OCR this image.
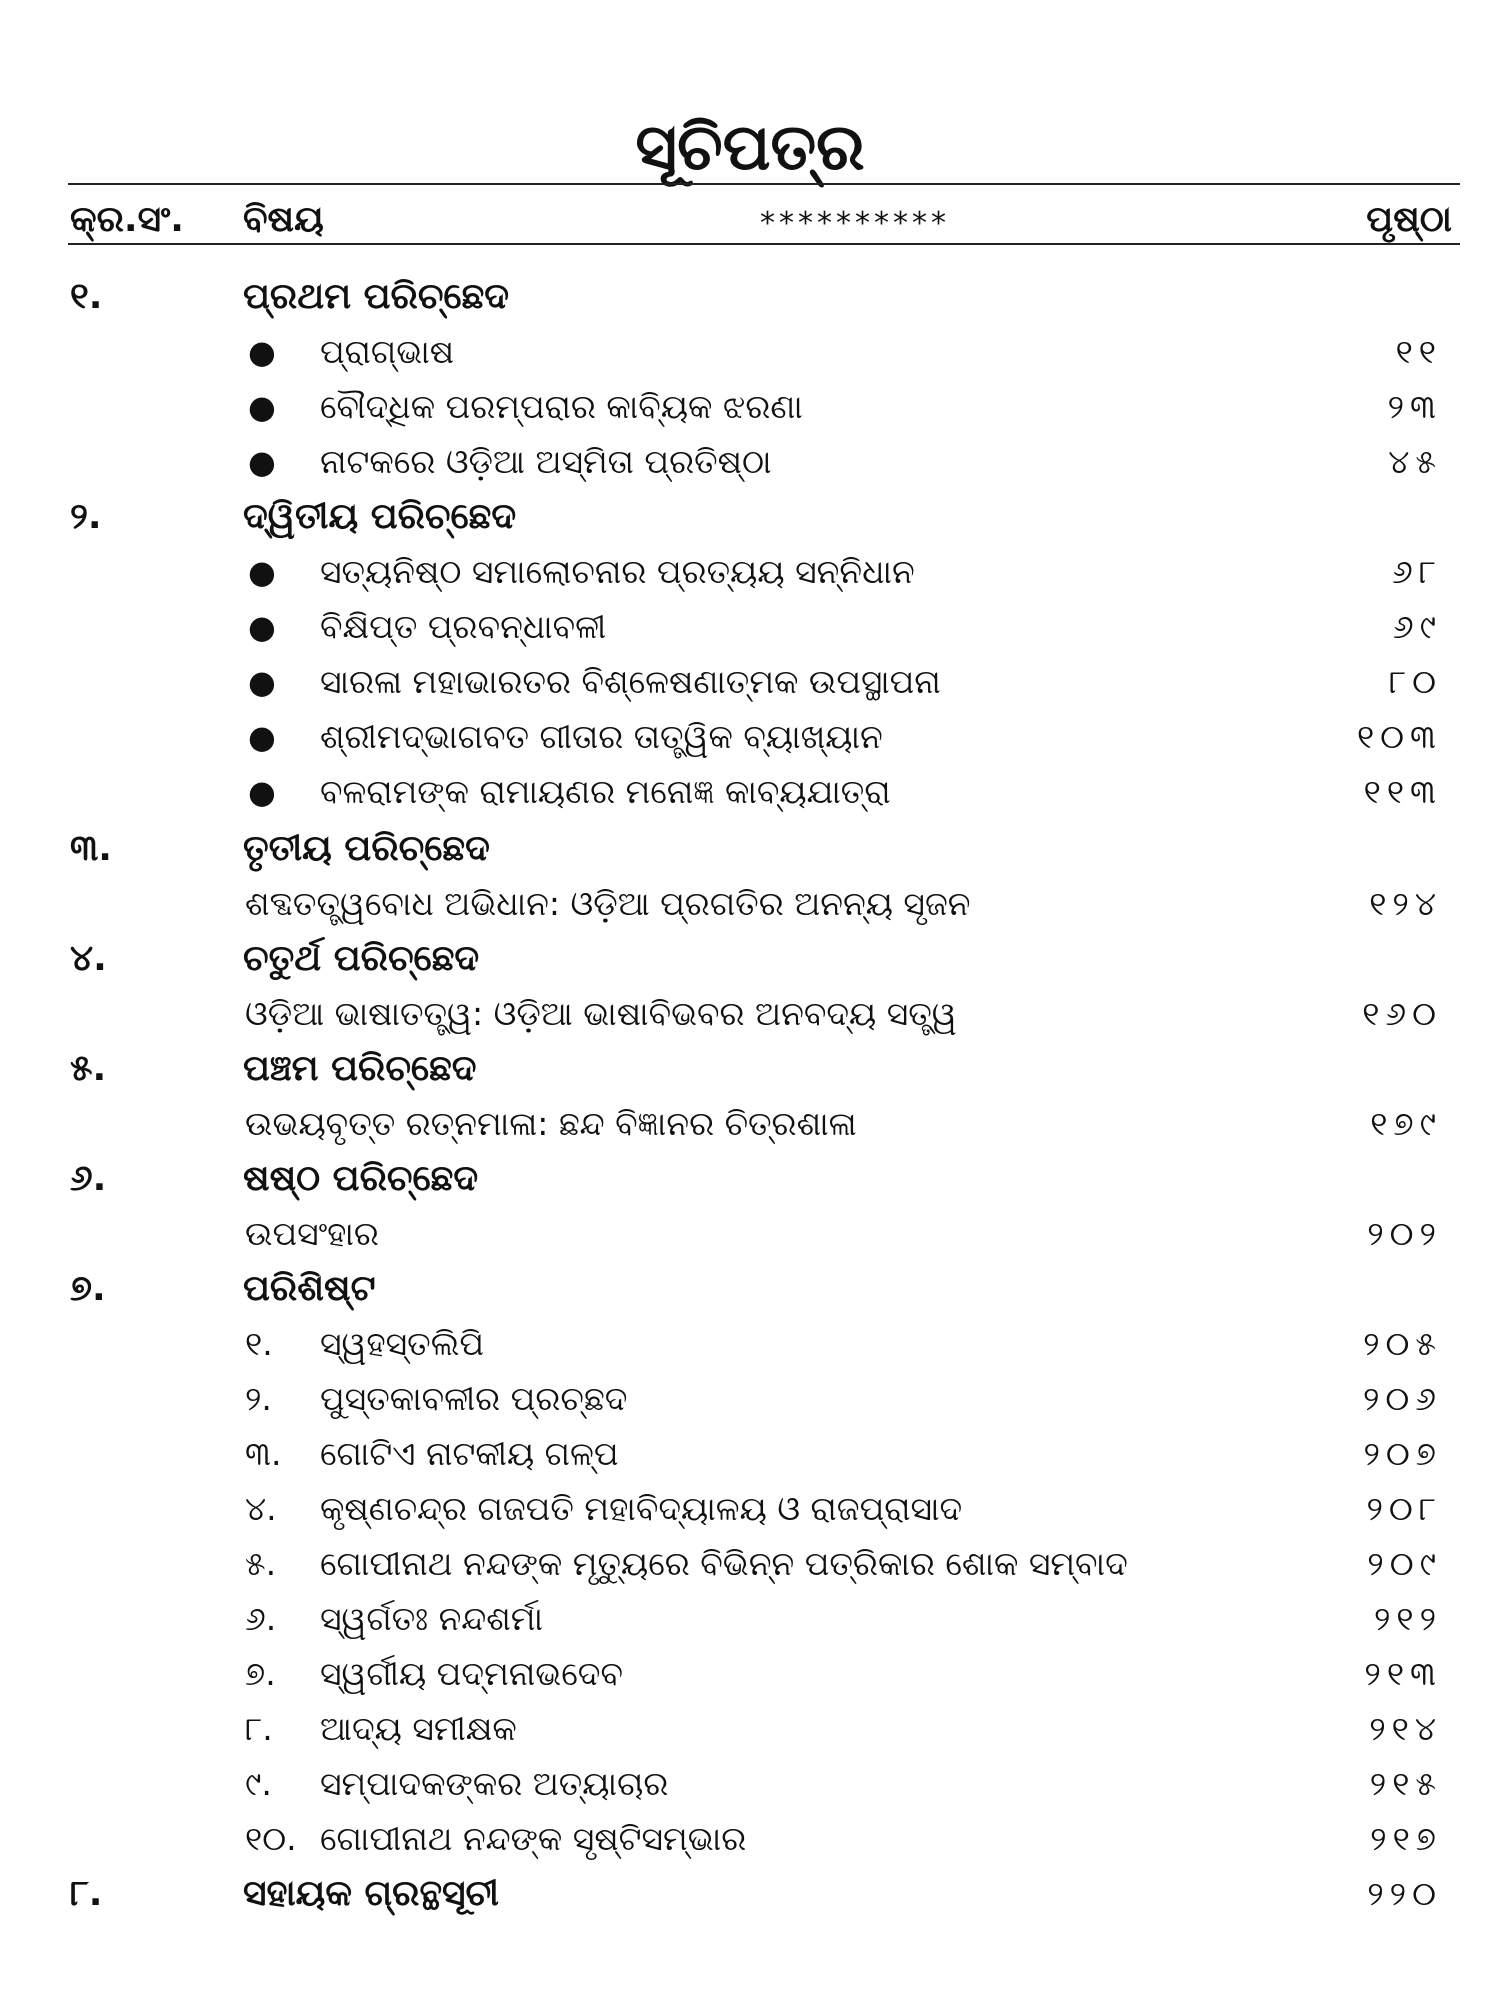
ସୂଚିପତ୍ର
କ୍ର.ସଂ. ବିଷୟ	**********	ପୃଷ୍ଠା
୧.	ପ୍ରଥମ ପରିଚ୍ଛେଦ
● ପ୍ରାଗ୍‌ଭାଷ	୧୧
● ବୌଦ୍ଧିକ ପରମ୍ପରାର କାବ୍ୟିକ ଝରଣା	୨୩
● ନାଟକରେ ଓଡ଼ିଆ ଅସ୍ମିତା ପ୍ରତିଷ୍ଠା	୪୫
୨.	ଦ୍ୱିତୀୟ ପରିଚ୍ଛେଦ
● ସତ୍ୟନିଷ୍ଠ ସମାଲୋଚନାର ପ୍ରତ୍ୟୟ ସନ୍ନିଧାନ	୬୮
● ବିକ୍ଷିପ୍ତ ପ୍ରବନ୍ଧାବଳୀ	୬୯
● ସାରଳା ମହାଭାରତର ବିଶ୍ଳେଷଣାତ୍ମକ ଉପସ୍ଥାପନା	୮୦
● ଶ୍ରୀମଦ୍‌ଭାଗବତ ଗୀତାର ତାତ୍ତ୍ୱିକ ବ୍ୟାଖ୍ୟାନ	୧୦୩
● ବଳରାମଙ୍କ ରାମାୟଣର ମନୋଜ୍ଞ କାବ୍ୟଯାତ୍ରା	୧୧୩
୩.	ତୃତୀୟ ପରିଚ୍ଛେଦ
ଶବ୍ଦତତ୍ତ୍ୱବୋଧ ଅଭିଧାନ: ଓଡ଼ିଆ ପ୍ରଗତିର ଅନନ୍ୟ ସୃଜନ	୧୨୪
୪.	ଚତୁର୍ଥ ପରିଚ୍ଛେଦ
ଓଡ଼ିଆ ଭାଷାତତ୍ତ୍ୱ: ଓଡ଼ିଆ ଭାଷାବିଭବର ଅନବଦ୍ୟ ସତ୍ତ୍ୱ	୧୬୦
୫.	ପଞ୍ଚମ ପରିଚ୍ଛେଦ
ଉଭୟବୃତ୍ତ ରତ୍ନମାଳା: ଛନ୍ଦ ବିଜ୍ଞାନର ଚିତ୍ରଶାଳା	୧୭୯
୬.	ଷଷ୍ଠ ପରିଚ୍ଛେଦ
ଉପସଂହାର	୨୦୨
୭.	ପରିଶିଷ୍ଟ
୧. ସ୍ୱହସ୍ତଲିପି	୨୦୫
୨. ପୁସ୍ତକାବଳୀର ପ୍ରଚ୍ଛଦ	୨୦୬
୩. ଗୋଟିଏ ନାଟକୀୟ ଗଳ୍ପ	୨୦୭
୪. କୃଷ୍ଣଚନ୍ଦ୍ର ଗଜପତି ମହାବିଦ୍ୟାଳୟ ଓ ରାଜପ୍ରାସାଦ	୨୦୮
୫. ଗୋପୀନାଥ ନନ୍ଦଙ୍କ ମୃତ୍ୟୁରେ ବିଭିନ୍ନ ପତ୍ରିକାର ଶୋକ ସମ୍ବାଦ	୨୦୯
୬. ସ୍ୱର୍ଗତଃ ନନ୍ଦଶର୍ମା	୨୧୨
୭. ସ୍ୱର୍ଗୀୟ ପଦ୍ମନାଭଦେବ	୨୧୩
୮. ଆଦ୍ୟ ସମୀକ୍ଷକ	୨୧୪
୯. ସମ୍ପାଦକଙ୍କର ଅତ୍ୟାଚାର	୨୧୫
୧୦. ଗୋପୀନାଥ ନନ୍ଦଙ୍କ ସୃଷ୍ଟିସମ୍ଭାର	୨୧୭
୮.	ସହାୟକ ଗ୍ରନ୍ଥସୂଚୀ	୨୨୦
